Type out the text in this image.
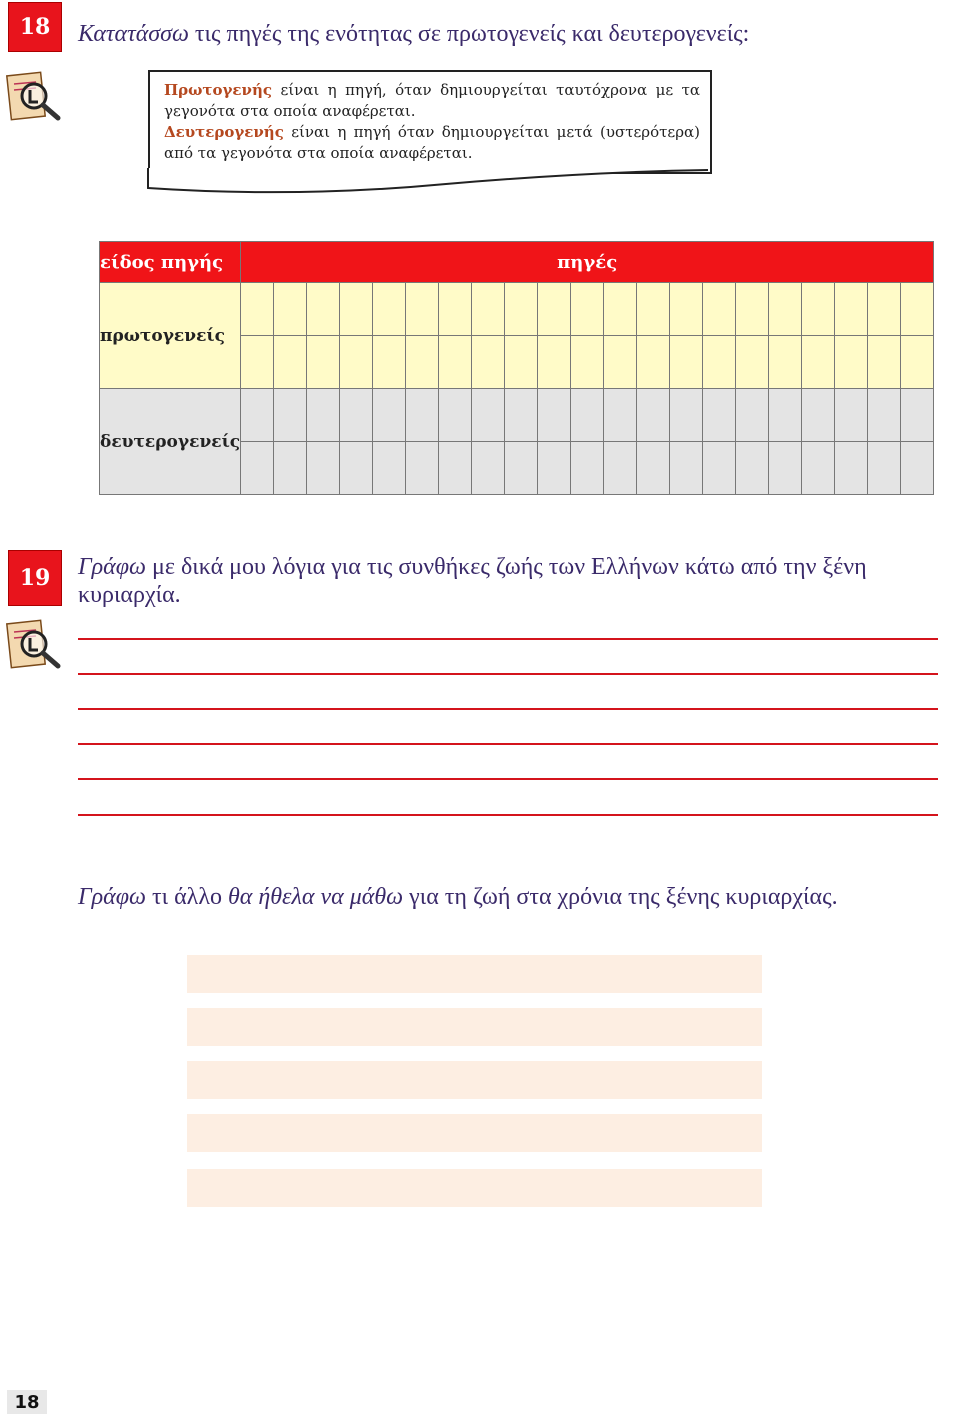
18	Κατατάσσω τις πηγές της ενότητας σε πρωτογενείς και δευτερογενείς:
Πρωτογενής είναι η πηγή, όταν δημιουργείται ταυτόχρονα με τα γεγονότα στα οποία αναφέρεται.
Δευτερογενής είναι η πηγή όταν δημιουργείται μετά (υστερότερα) από τα γεγονότα στα οποία αναφέρεται.
είδος πηγής	πηγές																				
πρωτογενείς																					

δευτερογενείς																					

19	Γράφω με δικά μου λόγια για τις συνθήκες ζωής των Ελλήνων κάτω από την ξένη κυριαρχία.
Γράφω τι άλλο θα ήθελα να μάθω για τη ζωή στα χρόνια της ξένης κυριαρχίας.
18
